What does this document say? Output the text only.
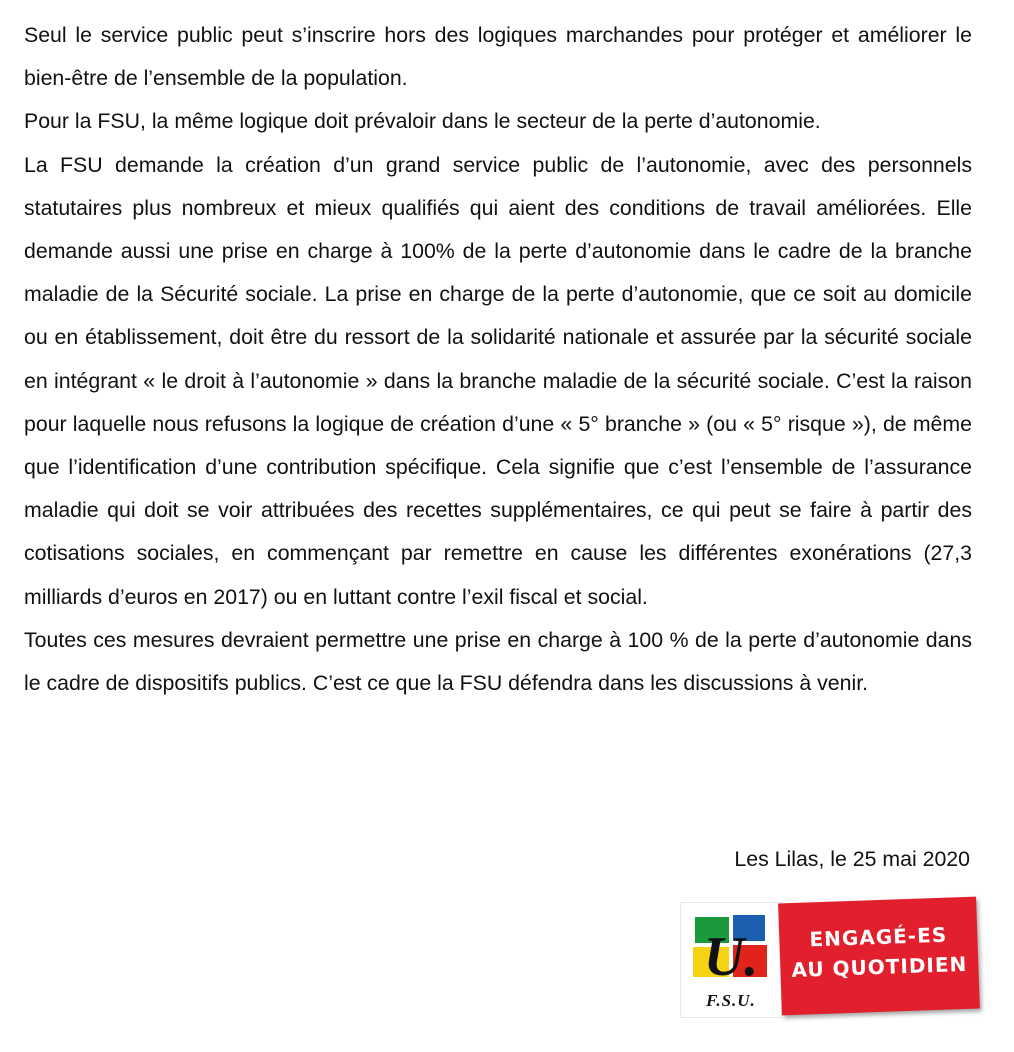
Seul le service public peut s’inscrire hors des logiques marchandes pour protéger et améliorer le bien-être de l’ensemble de la population.

Pour la FSU, la même logique doit prévaloir dans le secteur de la perte d’autonomie.

La FSU demande la création d’un grand service public de l’autonomie, avec des personnels statutaires plus nombreux et mieux qualifiés qui aient des conditions de travail améliorées. Elle demande aussi une prise en charge à 100% de la perte d’autonomie dans le cadre de la branche maladie de la Sécurité sociale. La prise en charge de la perte d’autonomie, que ce soit au domicile ou en établissement, doit être du ressort de la solidarité nationale et assurée par la sécurité sociale en intégrant « le droit à l’autonomie » dans la branche maladie de la sécurité sociale. C’est la raison pour laquelle nous refusons la logique de création d’une « 5° branche » (ou « 5° risque »), de même que l’identification d’une contribution spécifique. Cela signifie que c’est l’ensemble de l’assurance maladie qui doit se voir attribuées des recettes supplémentaires, ce qui peut se faire à partir des cotisations sociales, en commençant par remettre en cause les différentes exonérations (27,3 milliards d’euros en 2017) ou en luttant contre l’exil fiscal et social.

Toutes ces mesures devraient permettre une prise en charge à 100 % de la perte d’autonomie dans le cadre de dispositifs publics. C’est ce que la FSU défendra dans les discussions à venir.

Les Lilas, le 25 mai 2020
U.
F.S.U.
ENGAGÉ-ES
AU QUOTIDIEN
